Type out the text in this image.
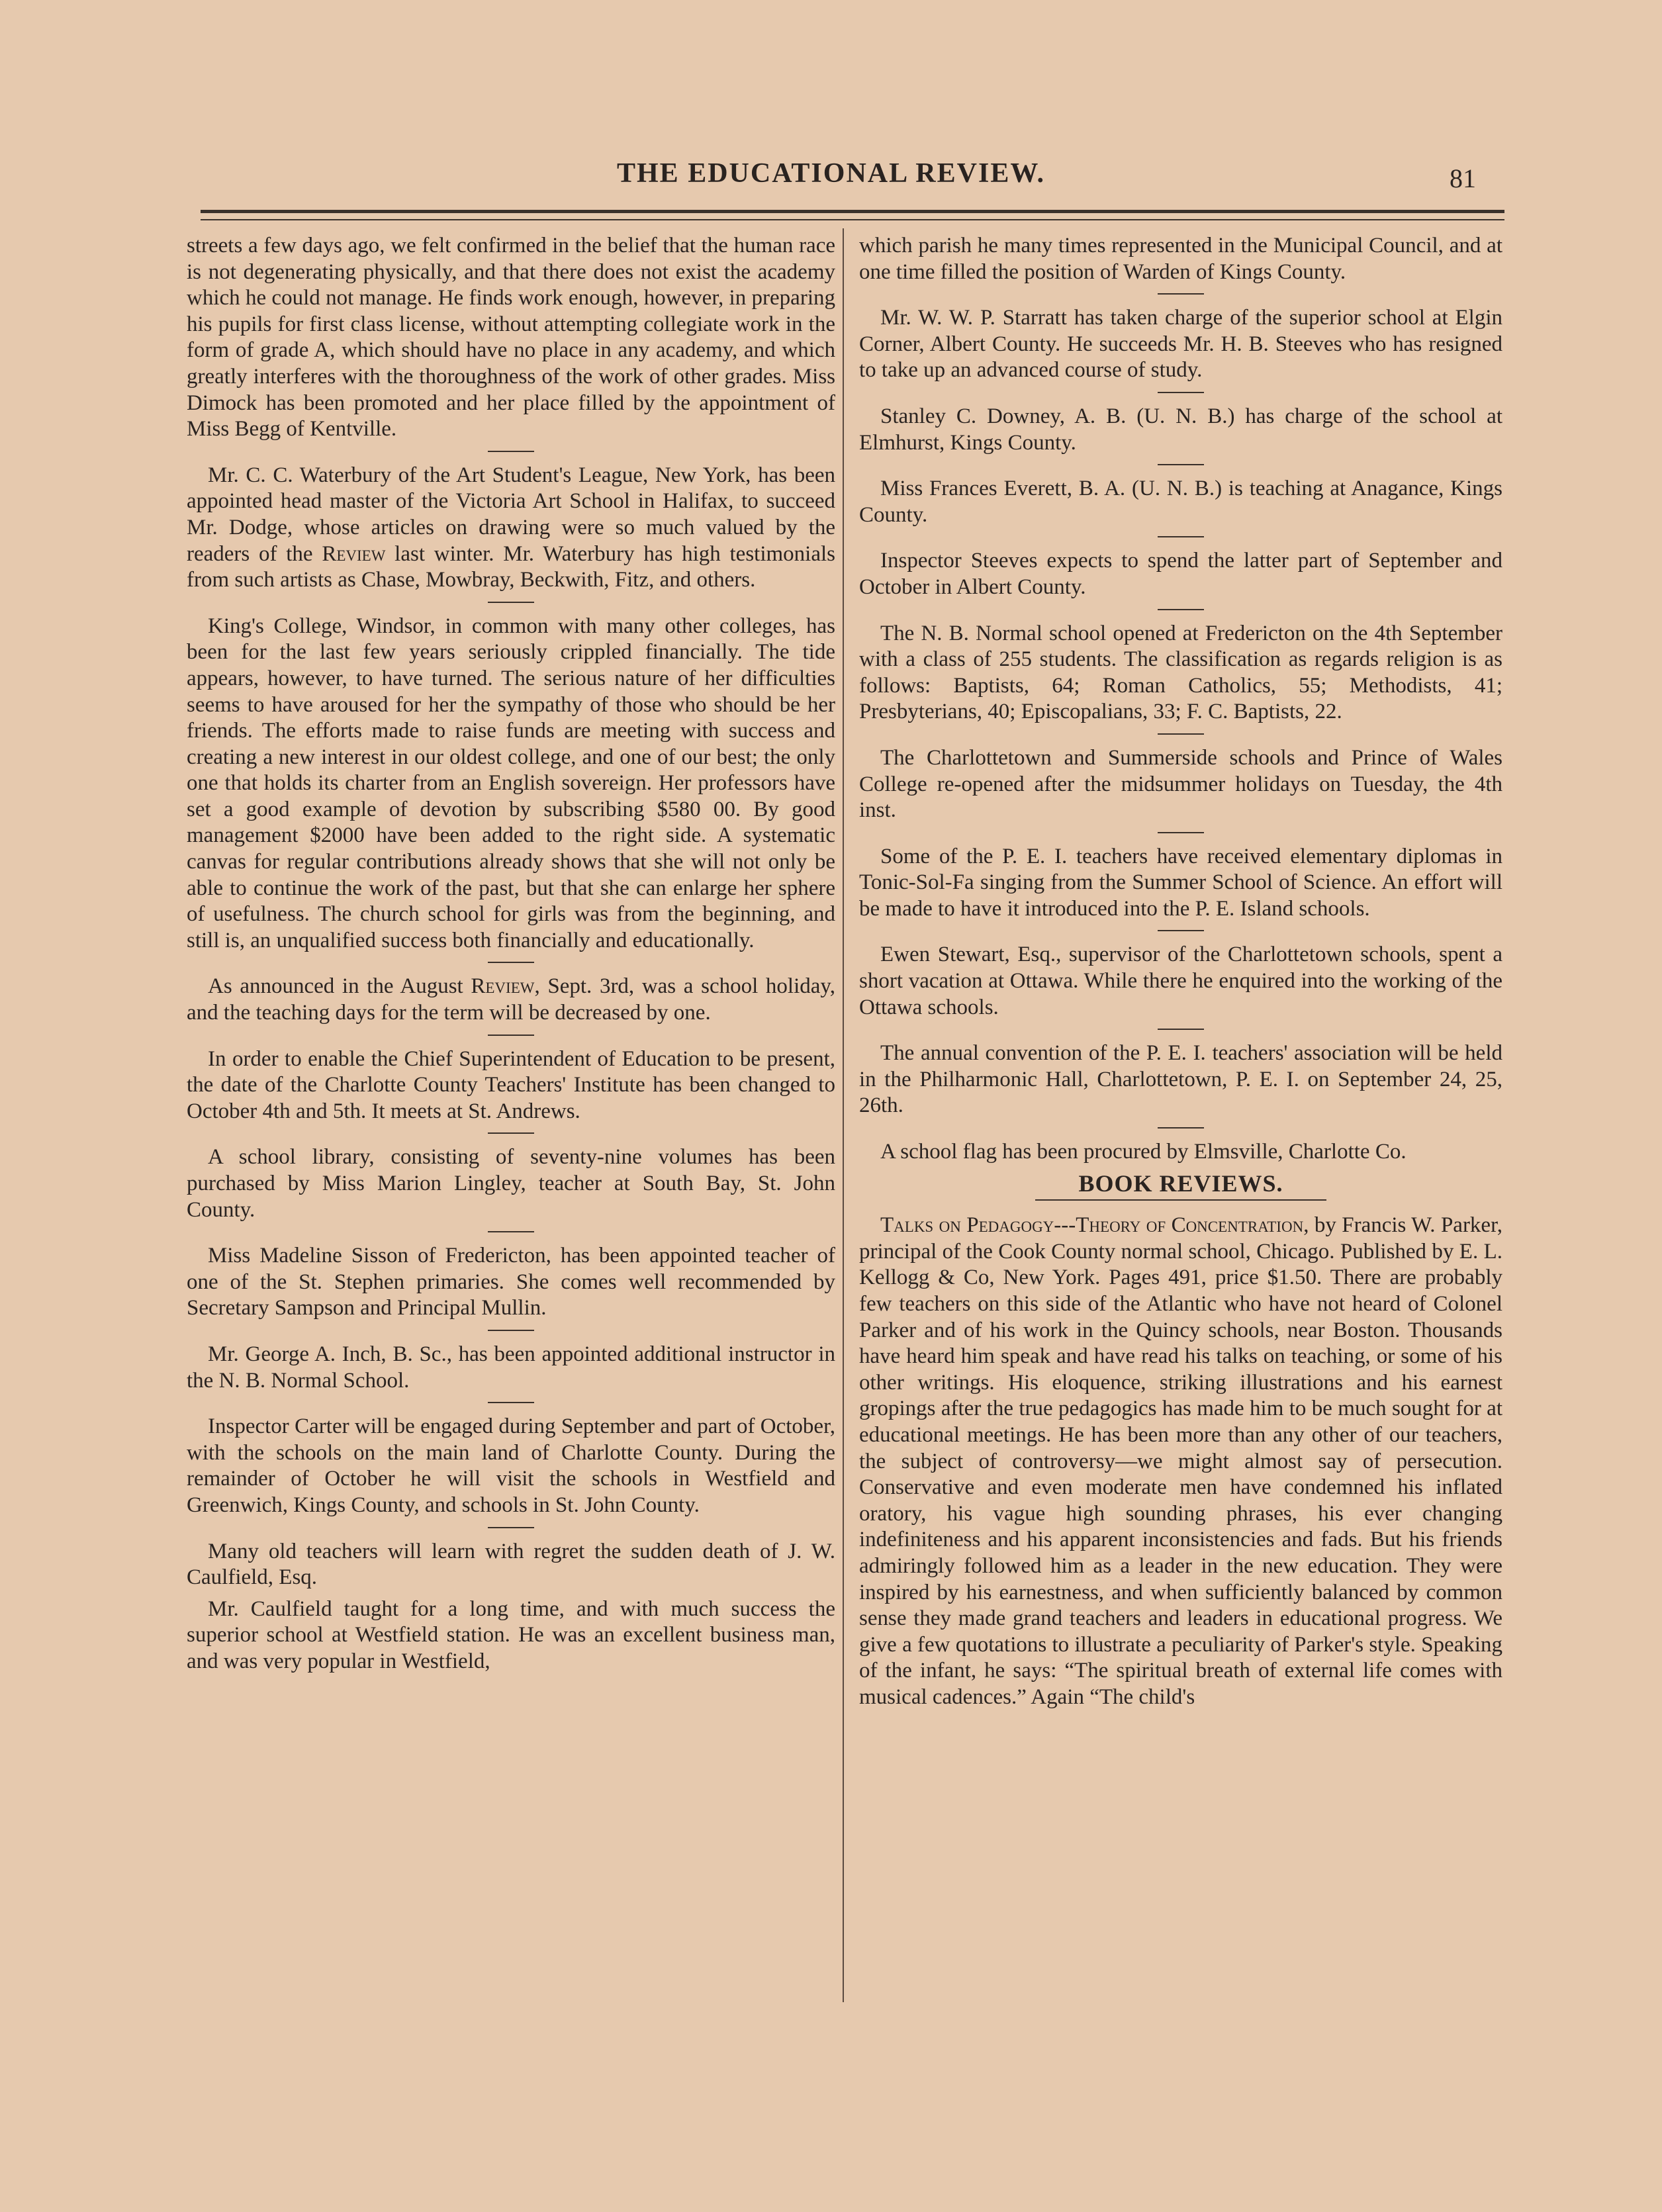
THE EDUCATIONAL REVIEW.	81

streets a few days ago, we felt confirmed in the belief that the human race is not degenerating physically, and that there does not exist the academy which he could not manage. He finds work enough, however, in preparing his pupils for first class license, without attempting collegiate work in the form of grade A, which should have no place in any academy, and which greatly interferes with the thoroughness of the work of other grades. Miss Dimock has been promoted and her place filled by the appointment of Miss Begg of Kentville.

Mr. C. C. Waterbury of the Art Student's League, New York, has been appointed head master of the Victoria Art School in Halifax, to succeed Mr. Dodge, whose articles on drawing were so much valued by the readers of the Review last winter. Mr. Waterbury has high testimonials from such artists as Chase, Mowbray, Beckwith, Fitz, and others.

King's College, Windsor, in common with many other colleges, has been for the last few years seriously crippled financially. The tide appears, however, to have turned. The serious nature of her difficulties seems to have aroused for her the sympathy of those who should be her friends. The efforts made to raise funds are meeting with success and creating a new interest in our oldest college, and one of our best; the only one that holds its charter from an English sovereign. Her professors have set a good example of devotion by subscribing $580 00. By good management $2000 have been added to the right side. A systematic canvas for regular contributions already shows that she will not only be able to continue the work of the past, but that she can enlarge her sphere of usefulness. The church school for girls was from the beginning, and still is, an unqualified success both financially and educationally.

As announced in the August Review, Sept. 3rd, was a school holiday, and the teaching days for the term will be decreased by one.

In order to enable the Chief Superintendent of Education to be present, the date of the Charlotte County Teachers' Institute has been changed to October 4th and 5th. It meets at St. Andrews.

A school library, consisting of seventy-nine volumes has been purchased by Miss Marion Lingley, teacher at South Bay, St. John County.

Miss Madeline Sisson of Fredericton, has been appointed teacher of one of the St. Stephen primaries. She comes well recommended by Secretary Sampson and Principal Mullin.

Mr. George A. Inch, B. Sc., has been appointed additional instructor in the N. B. Normal School.

Inspector Carter will be engaged during September and part of October, with the schools on the main land of Charlotte County. During the remainder of October he will visit the schools in Westfield and Greenwich, Kings County, and schools in St. John County.

Many old teachers will learn with regret the sudden death of J. W. Caulfield, Esq.

Mr. Caulfield taught for a long time, and with much success the superior school at Westfield station. He was an excellent business man, and was very popular in Westfield,

which parish he many times represented in the Municipal Council, and at one time filled the position of Warden of Kings County.

Mr. W. W. P. Starratt has taken charge of the superior school at Elgin Corner, Albert County. He succeeds Mr. H. B. Steeves who has resigned to take up an advanced course of study.

Stanley C. Downey, A. B. (U. N. B.) has charge of the school at Elmhurst, Kings County.

Miss Frances Everett, B. A. (U. N. B.) is teaching at Anagance, Kings County.

Inspector Steeves expects to spend the latter part of September and October in Albert County.

The N. B. Normal school opened at Fredericton on the 4th September with a class of 255 students. The classification as regards religion is as follows: Baptists, 64; Roman Catholics, 55; Methodists, 41; Presbyterians, 40; Episcopalians, 33; F. C. Baptists, 22.

The Charlottetown and Summerside schools and Prince of Wales College re-opened after the midsummer holidays on Tuesday, the 4th inst.

Some of the P. E. I. teachers have received elementary diplomas in Tonic-Sol-Fa singing from the Summer School of Science. An effort will be made to have it introduced into the P. E. Island schools.

Ewen Stewart, Esq., supervisor of the Charlottetown schools, spent a short vacation at Ottawa. While there he enquired into the working of the Ottawa schools.

The annual convention of the P. E. I. teachers' association will be held in the Philharmonic Hall, Charlottetown, P. E. I. on September 24, 25, 26th.

A school flag has been procured by Elmsville, Charlotte Co.

BOOK REVIEWS.

Talks on Pedagogy---Theory of Concentration, by Francis W. Parker, principal of the Cook County normal school, Chicago. Published by E. L. Kellogg & Co, New York. Pages 491, price $1.50. There are probably few teachers on this side of the Atlantic who have not heard of Colonel Parker and of his work in the Quincy schools, near Boston. Thousands have heard him speak and have read his talks on teaching, or some of his other writings. His eloquence, striking illustrations and his earnest gropings after the true pedagogics has made him to be much sought for at educational meetings. He has been more than any other of our teachers, the subject of controversy—we might almost say of persecution. Conservative and even moderate men have condemned his inflated oratory, his vague high sounding phrases, his ever changing indefiniteness and his apparent inconsistencies and fads. But his friends admiringly followed him as a leader in the new education. They were inspired by his earnestness, and when sufficiently balanced by common sense they made grand teachers and leaders in educational progress. We give a few quotations to illustrate a peculiarity of Parker's style. Speaking of the infant, he says: “The spiritual breath of external life comes with musical cadences.” Again “The child's
